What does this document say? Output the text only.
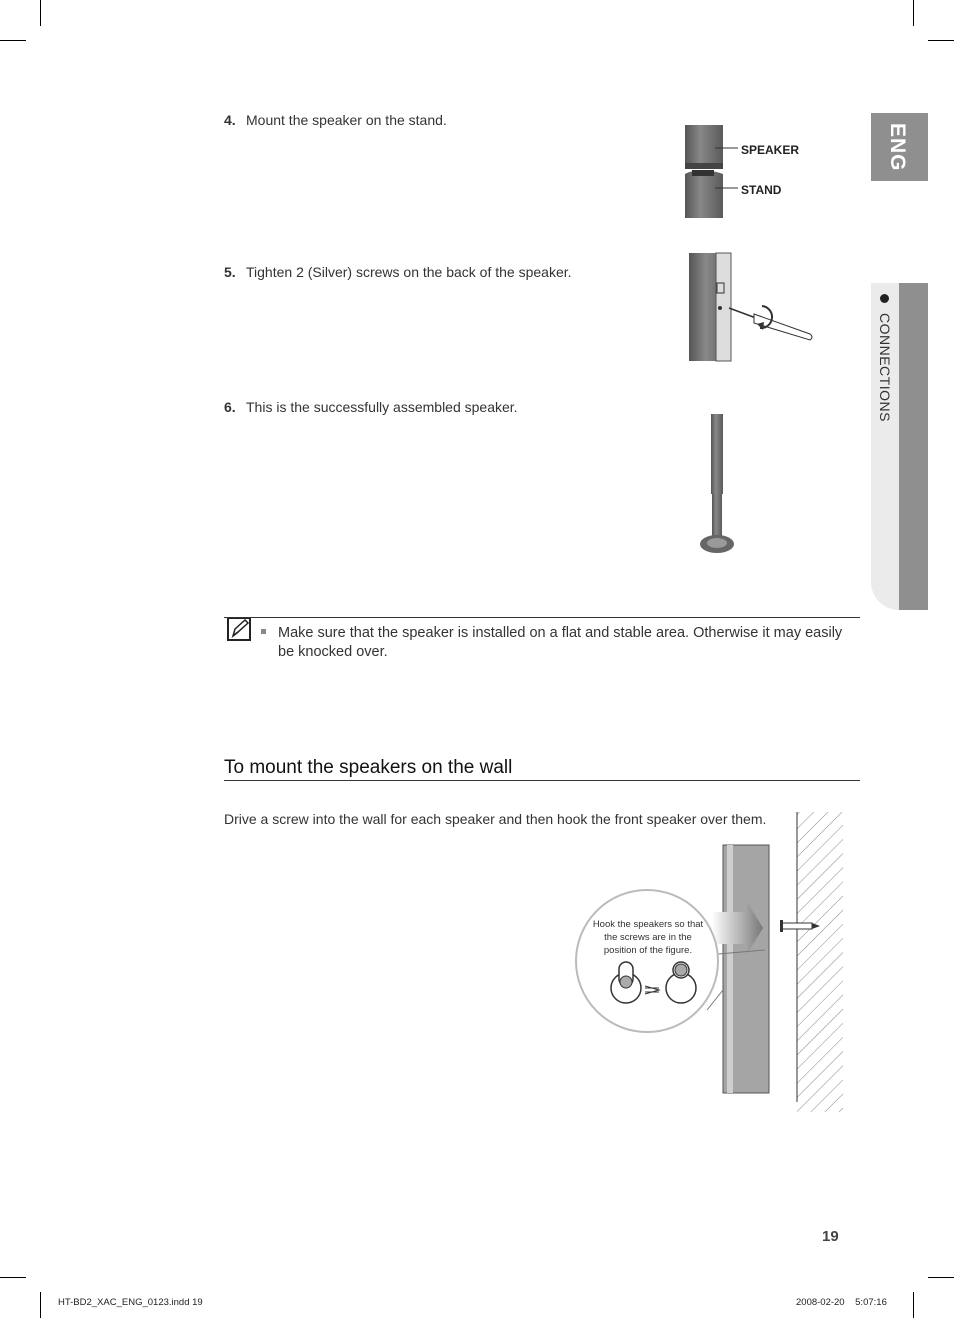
ENG
CONNECTIONS
4. Mount the speaker on the stand.
SPEAKER
STAND
5. Tighten 2 (Silver) screws on the back of the speaker.
6. This is the successfully assembled speaker.
Make sure that the speaker is installed on a flat and stable area. Otherwise it may easily be knocked over.
To mount the speakers on the wall
Drive a screw into the wall for each speaker and then hook the front speaker over them.
Hook the speakers so that
the screws are in the
position of the figure.
19
HT-BD2_XAC_ENG_0123.indd 19	2008-02-20    5:07:16
